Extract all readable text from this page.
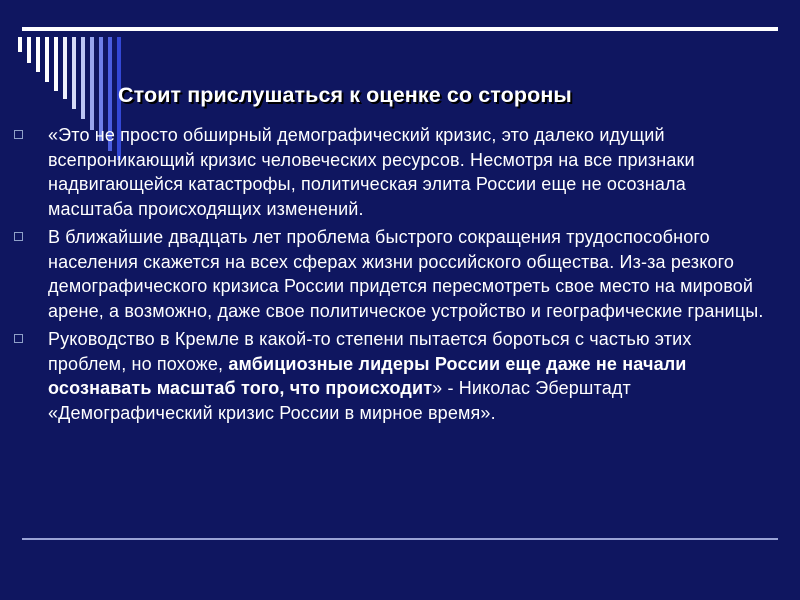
Стоит прислушаться к оценке со стороны
«Это не просто обширный демографический кризис, это далеко идущий всепроникающий кризис человеческих ресурсов. Несмотря на все признаки надвигающейся катастрофы, политическая элита России еще не осознала масштаба происходящих изменений.
В ближайшие двадцать лет проблема быстрого сокращения трудоспособного населения скажется на всех сферах жизни российского общества. Из-за резкого демографического кризиса России придется пересмотреть свое место на мировой арене, а возможно, даже свое политическое устройство и географические границы.
Руководство в Кремле в какой-то степени пытается бороться с частью этих проблем, но похоже, амбициозные лидеры России еще даже не начали осознавать масштаб того, что происходит» - Николас Эберштадт «Демографический кризис России в мирное время».
